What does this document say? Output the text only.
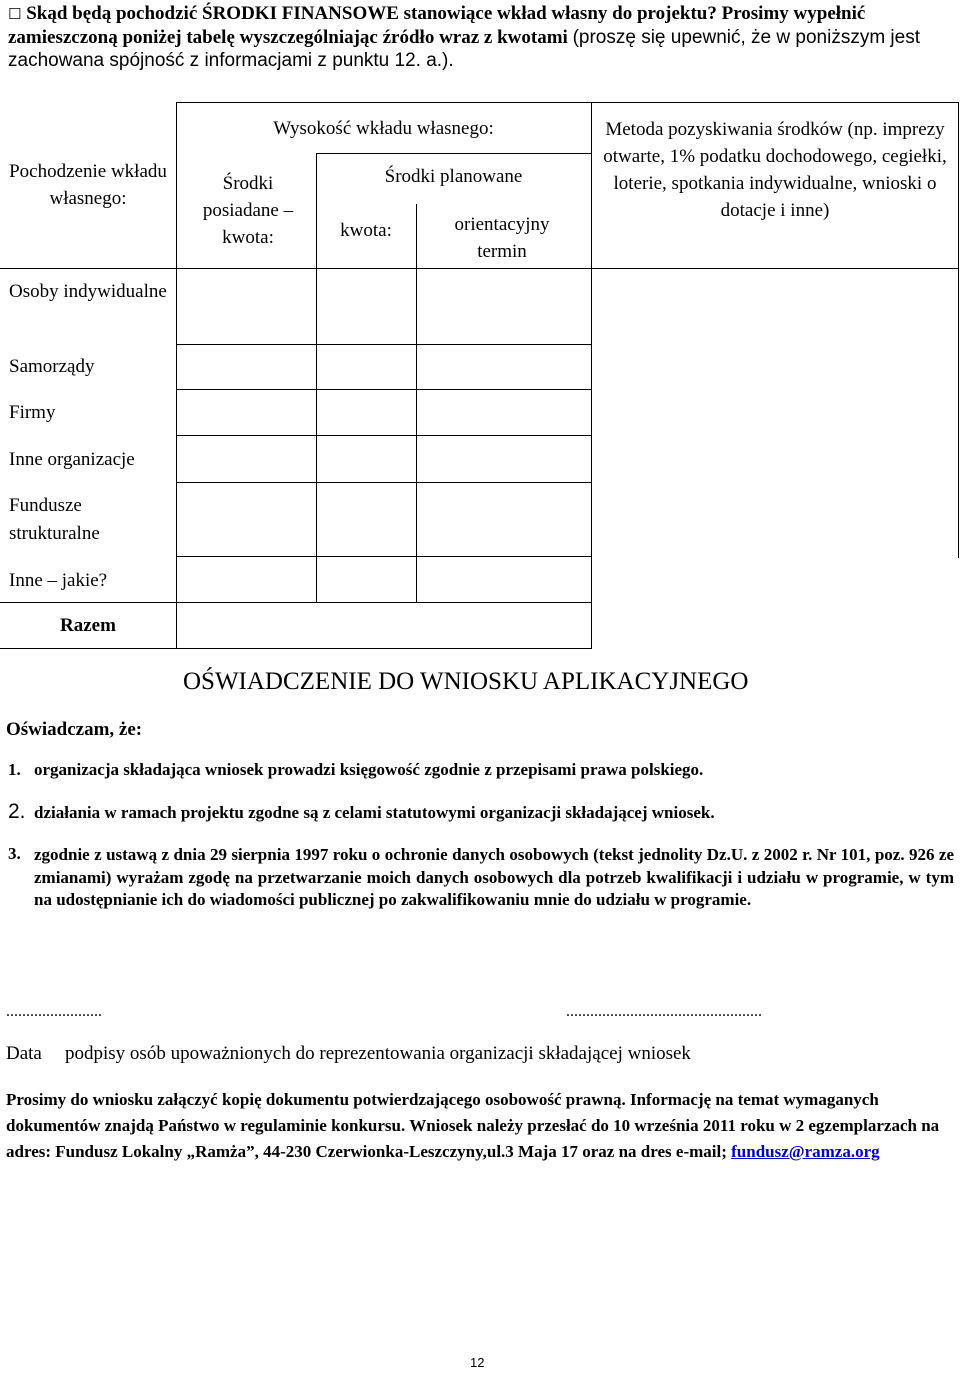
☐ Skąd będą pochodzić ŚRODKI FINANSOWE stanowiące wkład własny do projektu? Prosimy wypełnić zamieszczoną poniżej tabelę wyszczególniając źródło wraz z kwotami (proszę się upewnić, że w poniższym jest zachowana spójność z informacjami z punktu 12. a.).
Pochodzenie wkładu własnego:
Wysokość wkładu własnego:
Środki posiadane – kwota:
Środki planowane
kwota:	orientacyjny termin
Metoda pozyskiwania środków (np. imprezy otwarte, 1% podatku dochodowego, cegiełki, loterie, spotkania indywidualne, wnioski o dotacje i inne)
Osoby indywidualne
Samorządy
Firmy
Inne organizacje
Fundusze strukturalne
Inne – jakie?
Razem
OŚWIADCZENIE DO WNIOSKU APLIKACYJNEGO
Oświadczam, że:
1. organizacja składająca wniosek prowadzi księgowość zgodnie z przepisami prawa polskiego.
2. działania w ramach projektu zgodne są z celami statutowymi organizacji składającej wniosek.
3. zgodnie z ustawą z dnia 29 sierpnia 1997 roku o ochronie danych osobowych (tekst jednolity Dz.U. z 2002 r. Nr 101, poz. 926 ze zmianami) wyrażam zgodę na przetwarzanie moich danych osobowych dla potrzeb kwalifikacji i udziału w programie, w tym na udostępnianie ich do wiadomości publicznej po zakwalifikowaniu mnie do udziału w programie.
........................	.................................................
Data podpisy osób upoważnionych do reprezentowania organizacji składającej wniosek
Prosimy do wniosku załączyć kopię dokumentu potwierdzającego osobowość prawną. Informację na temat wymaganych dokumentów znajdą Państwo w regulaminie konkursu. Wniosek należy przesłać do 10 września 2011 roku w 2 egzemplarzach na adres: Fundusz Lokalny „Ramża”, 44-230 Czerwionka-Leszczyny,ul.3 Maja 17 oraz na dres e-mail; fundusz@ramza.org
12
